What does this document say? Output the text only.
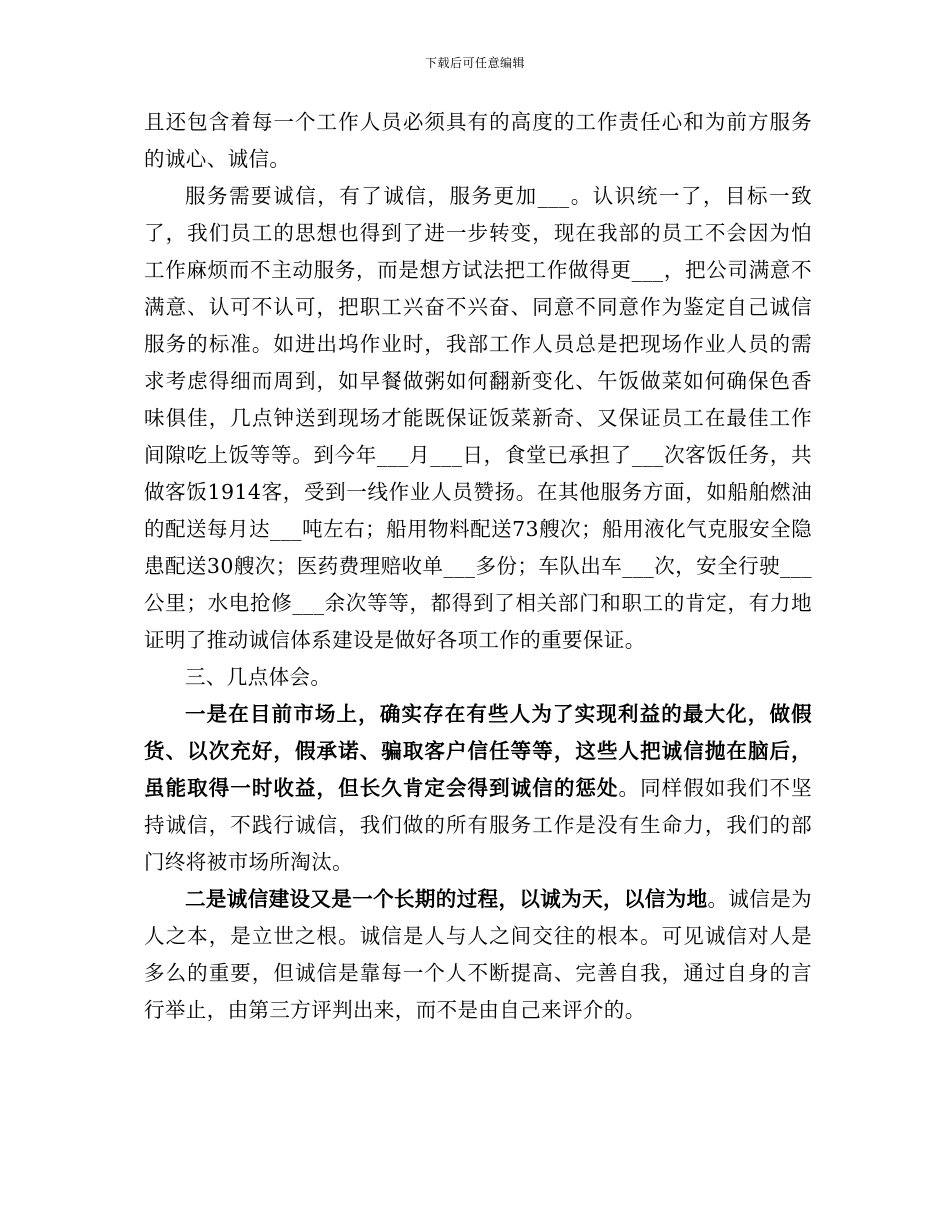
下载后可任意编辑

且还包含着每一个工作人员必须具有的高度的工作责任心和为前方服务的诚心、诚信。

服务需要诚信，有了诚信，服务更加___。认识统一了，目标一致了，我们员工的思想也得到了进一步转变，现在我部的员工不会因为怕工作麻烦而不主动服务，而是想方试法把工作做得更___，把公司满意不满意、认可不认可，把职工兴奋不兴奋、同意不同意作为鉴定自己诚信服务的标准。如进出坞作业时，我部工作人员总是把现场作业人员的需求考虑得细而周到，如早餐做粥如何翻新变化、午饭做菜如何确保色香味俱佳，几点钟送到现场才能既保证饭菜新奇、又保证员工在最佳工作间隙吃上饭等等。到今年___月___日，食堂已承担了___次客饭任务，共做客饭1914客，受到一线作业人员赞扬。在其他服务方面，如船舶燃油的配送每月达___吨左右；船用物料配送73艘次；船用液化气克服安全隐患配送30艘次；医药费理赔收单___多份；车队出车___次，安全行驶___公里；水电抢修___余次等等，都得到了相关部门和职工的肯定，有力地证明了推动诚信体系建设是做好各项工作的重要保证。

三、几点体会。

一是在目前市场上，确实存在有些人为了实现利益的最大化，做假货、以次充好，假承诺、骗取客户信任等等，这些人把诚信抛在脑后，虽能取得一时收益，但长久肯定会得到诚信的惩处。同样假如我们不坚持诚信，不践行诚信，我们做的所有服务工作是没有生命力，我们的部门终将被市场所淘汰。

二是诚信建设又是一个长期的过程，以诚为天，以信为地。诚信是为人之本，是立世之根。诚信是人与人之间交往的根本。可见诚信对人是多么的重要，但诚信是靠每一个人不断提高、完善自我，通过自身的言行举止，由第三方评判出来，而不是由自己来评介的。
